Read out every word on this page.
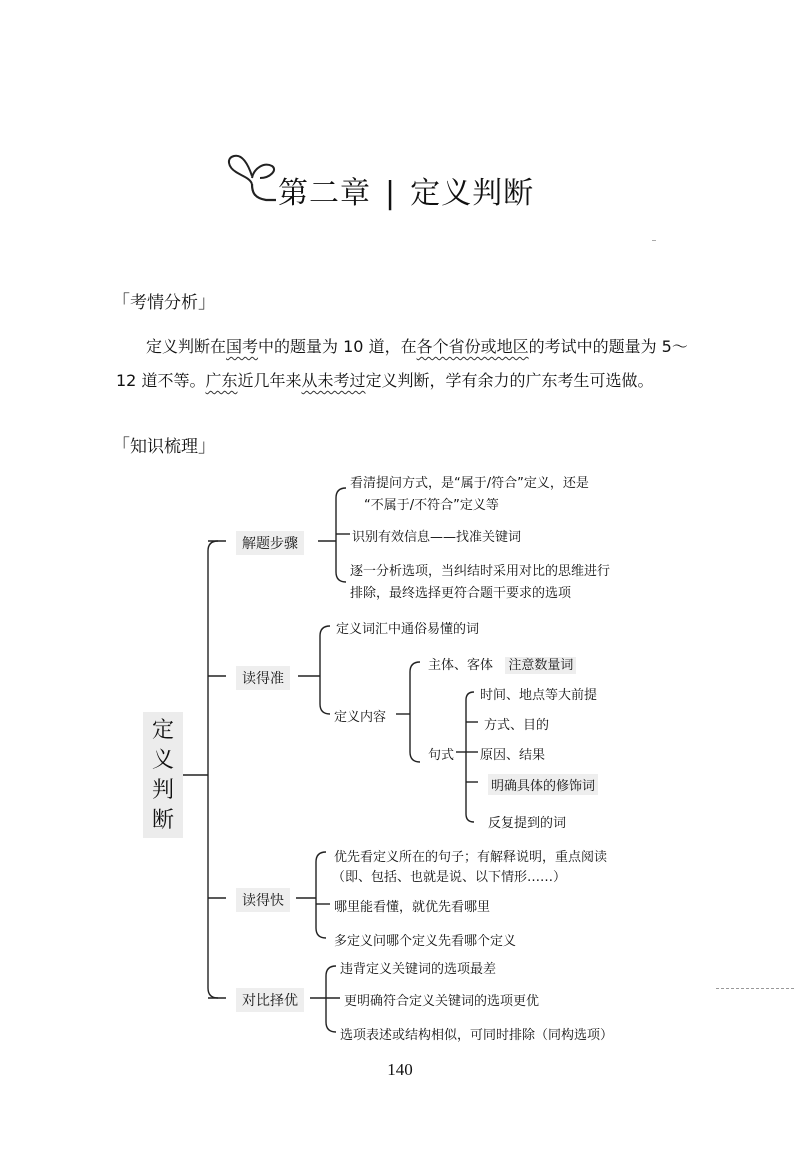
第二章 | 定义判断
「考情分析」
定义判断在国考中的题量为 10 道，在各个省份或地区的考试中的题量为 5～
12 道不等。广东近几年来从未考过定义判断，学有余力的广东考生可选做。
「知识梳理」
定
义
判
断
解题步骤
读得准
读得快
对比择优
看清提问方式，是“属于/符合”定义，还是
“不属于/不符合”定义等
识别有效信息——找准关键词
逐一分析选项，当纠结时采用对比的思维进行
排除，最终选择更符合题干要求的选项
定义词汇中通俗易懂的词
定义内容
主体、客体 注意数量词
句式
时间、地点等大前提
方式、目的
原因、结果
明确具体的修饰词
反复提到的词
优先看定义所在的句子；有解释说明，重点阅读
（即、包括、也就是说、以下情形……）
哪里能看懂，就优先看哪里
多定义问哪个定义先看哪个定义
违背定义关键词的选项最差
更明确符合定义关键词的选项更优
选项表述或结构相似，可同时排除（同构选项）
140
